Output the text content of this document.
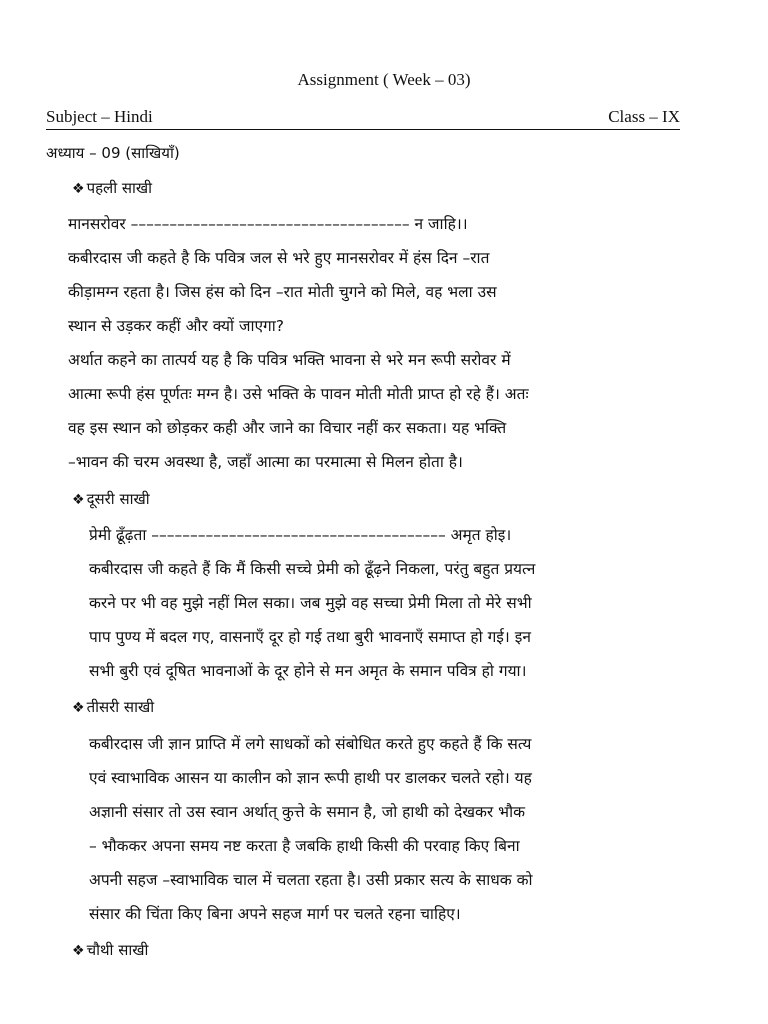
Assignment ( Week – 03)
Subject – Hindi	Class – IX
अध्याय – 09 (साखियाँ)
❖ पहली साखी
मानसरोवर –––––––––––––––––––––––––––––––––––– न जाहि।।
कबीरदास जी कहते है कि पवित्र जल से भरे हुए मानसरोवर में हंस दिन –रात
कीड़ामग्न रहता है। जिस हंस को दिन –रात मोती चुगने को मिले, वह भला उस
स्थान से उड़कर कहीं और क्यों जाएगा?
अर्थात कहने का तात्पर्य यह है कि पवित्र भक्ति भावना से भरे मन रूपी सरोवर में
आत्मा रूपी हंस पूर्णतः मग्न है। उसे भक्ति के पावन मोती मोती प्राप्त हो रहे हैं। अतः
वह इस स्थान को छोड़कर कही और जाने का विचार नहीं कर सकता। यह भक्ति
–भावन की चरम अवस्था है, जहाँ आत्मा का परमात्मा से मिलन होता है।
❖ दूसरी साखी
प्रेमी ढूँढ़ता –––––––––––––––––––––––––––––––––––––– अमृत होइ।
कबीरदास जी कहते हैं कि मैं किसी सच्चे प्रेमी को ढूँढ़ने निकला, परंतु बहुत प्रयत्न
करने पर भी वह मुझे नहीं मिल सका। जब मुझे वह सच्चा प्रेमी मिला तो मेरे सभी
पाप पुण्य में बदल गए, वासनाएँ दूर हो गई तथा बुरी भावनाएँ समाप्त हो गई। इन
सभी बुरी एवं दूषित भावनाओं के दूर होने से मन अमृत के समान पवित्र हो गया।
❖ तीसरी साखी
कबीरदास जी ज्ञान प्राप्ति में लगे साधकों को संबोधित करते हुए कहते हैं कि सत्य
एवं स्वाभाविक आसन या कालीन को ज्ञान रूपी हाथी पर डालकर चलते रहो। यह
अज्ञानी संसार तो उस स्वान अर्थात् कुत्ते के समान है, जो हाथी को देखकर भौक
– भौककर अपना समय नष्ट करता है जबकि हाथी किसी की परवाह किए बिना
अपनी सहज –स्वाभाविक चाल में चलता रहता है। उसी प्रकार सत्य के साधक को
संसार की चिंता किए बिना अपने सहज मार्ग पर चलते रहना चाहिए।
❖ चौथी साखी
